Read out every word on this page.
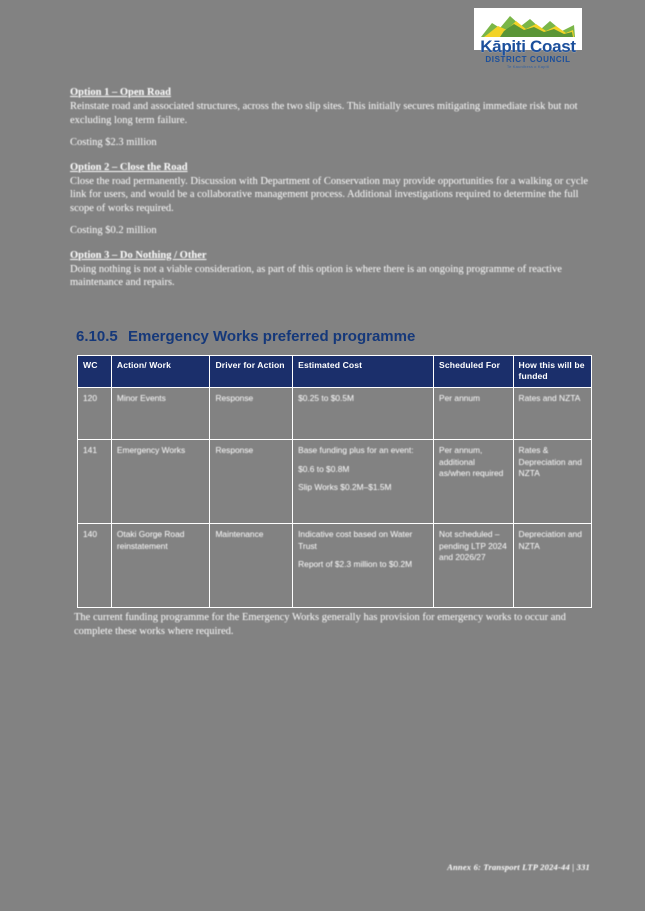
Kāpiti Coast
DISTRICT COUNCIL
Te Kaunihera o Kapiti
Option 1 – Open Road

Reinstate road and associated structures, across the two slip sites. This initially secures mitigating immediate risk but not excluding long term failure.

Costing $2.3 million

Option 2 – Close the Road

Close the road permanently. Discussion with Department of Conservation may provide opportunities for a walking or cycle link for users, and would be a collaborative management process. Additional investigations required to determine the full scope of works required.

Costing $0.2 million

Option 3 – Do Nothing / Other

Doing nothing is not a viable consideration, as part of this option is where there is an ongoing programme of reactive maintenance and repairs.

6.10.5 Emergency Works preferred programme
WC	Action/ Work	Driver for Action	Estimated Cost	Scheduled For	How this will be funded
120	Minor Events	Response	$0.25 to $0.5M	Per annum	Rates and NZTA
141	Emergency Works	Response	Base funding plus for an event:

$0.6 to $0.8M

Slip Works $0.2M–$1.5M	Per annum, additional as/when required	Rates & Depreciation and NZTA
140	Otaki Gorge Road reinstatement	Maintenance	Indicative cost based on Water Trust

Report of $2.3 million to $0.2M	Not scheduled – pending LTP 2024 and 2026/27	Depreciation and NZTA
The current funding programme for the Emergency Works generally has provision for emergency works to occur and complete these works where required.
Annex 6: Transport LTP 2024-44 | 331
